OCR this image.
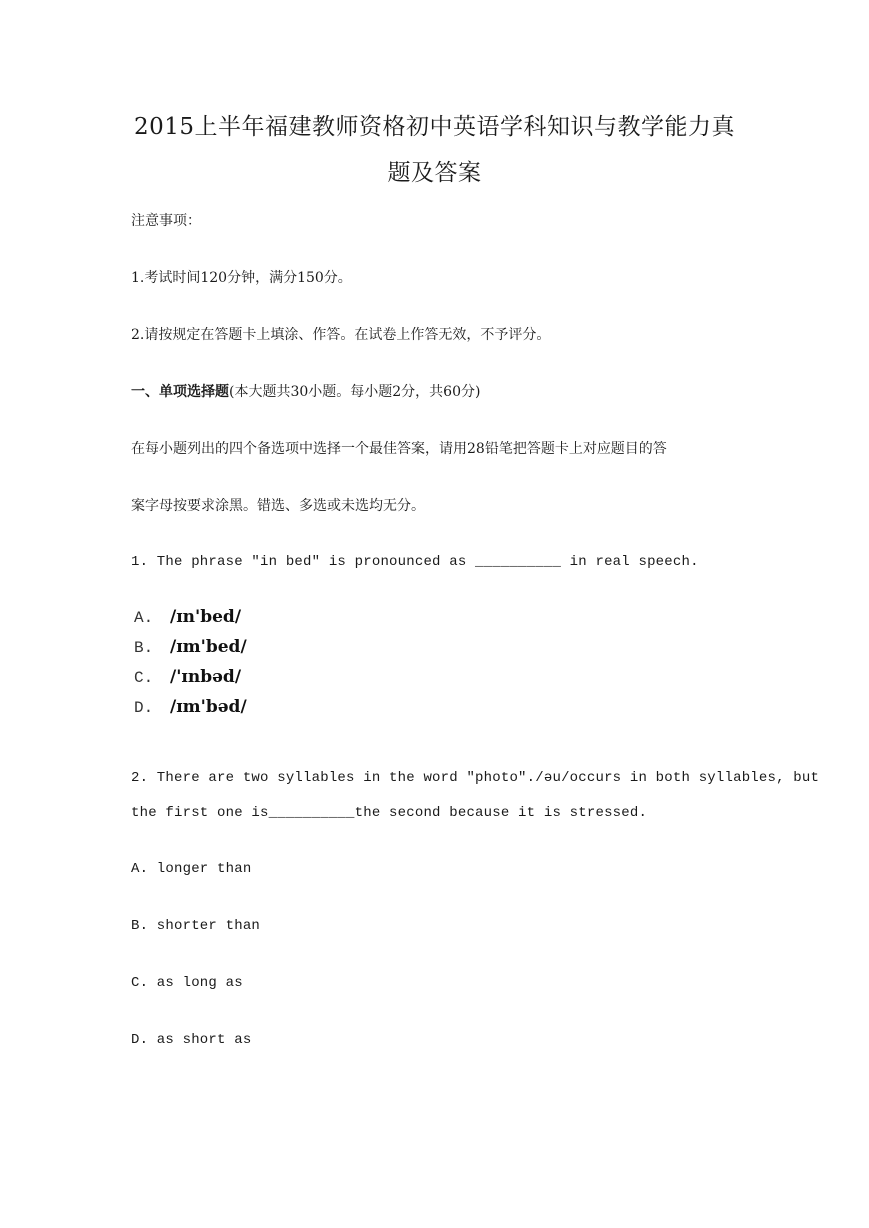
2015上半年福建教师资格初中英语学科知识与教学能力真
题及答案
注意事项：
1.考试时间120分钟，满分150分。
2.请按规定在答题卡上填涂、作答。在试卷上作答无效，不予评分。
一、单项选择题(本大题共30小题。每小题2分，共60分)
在每小题列出的四个备选项中选择一个最佳答案，请用28铅笔把答题卡上对应题目的答
案字母按要求涂黑。错选、多选或未选均无分。
1. The phrase "in bed" is pronounced as __________ in real speech.
A. /ɪn'bed/
B. /ɪm'bed/
C. /'ɪnbəd/
D. /ɪm'bəd/
2. There are two syllables in the word "photo"./əu/occurs in both syllables, but
the first one is__________the second because it is stressed.
A. longer than
B. shorter than
C. as long as
D. as short as
